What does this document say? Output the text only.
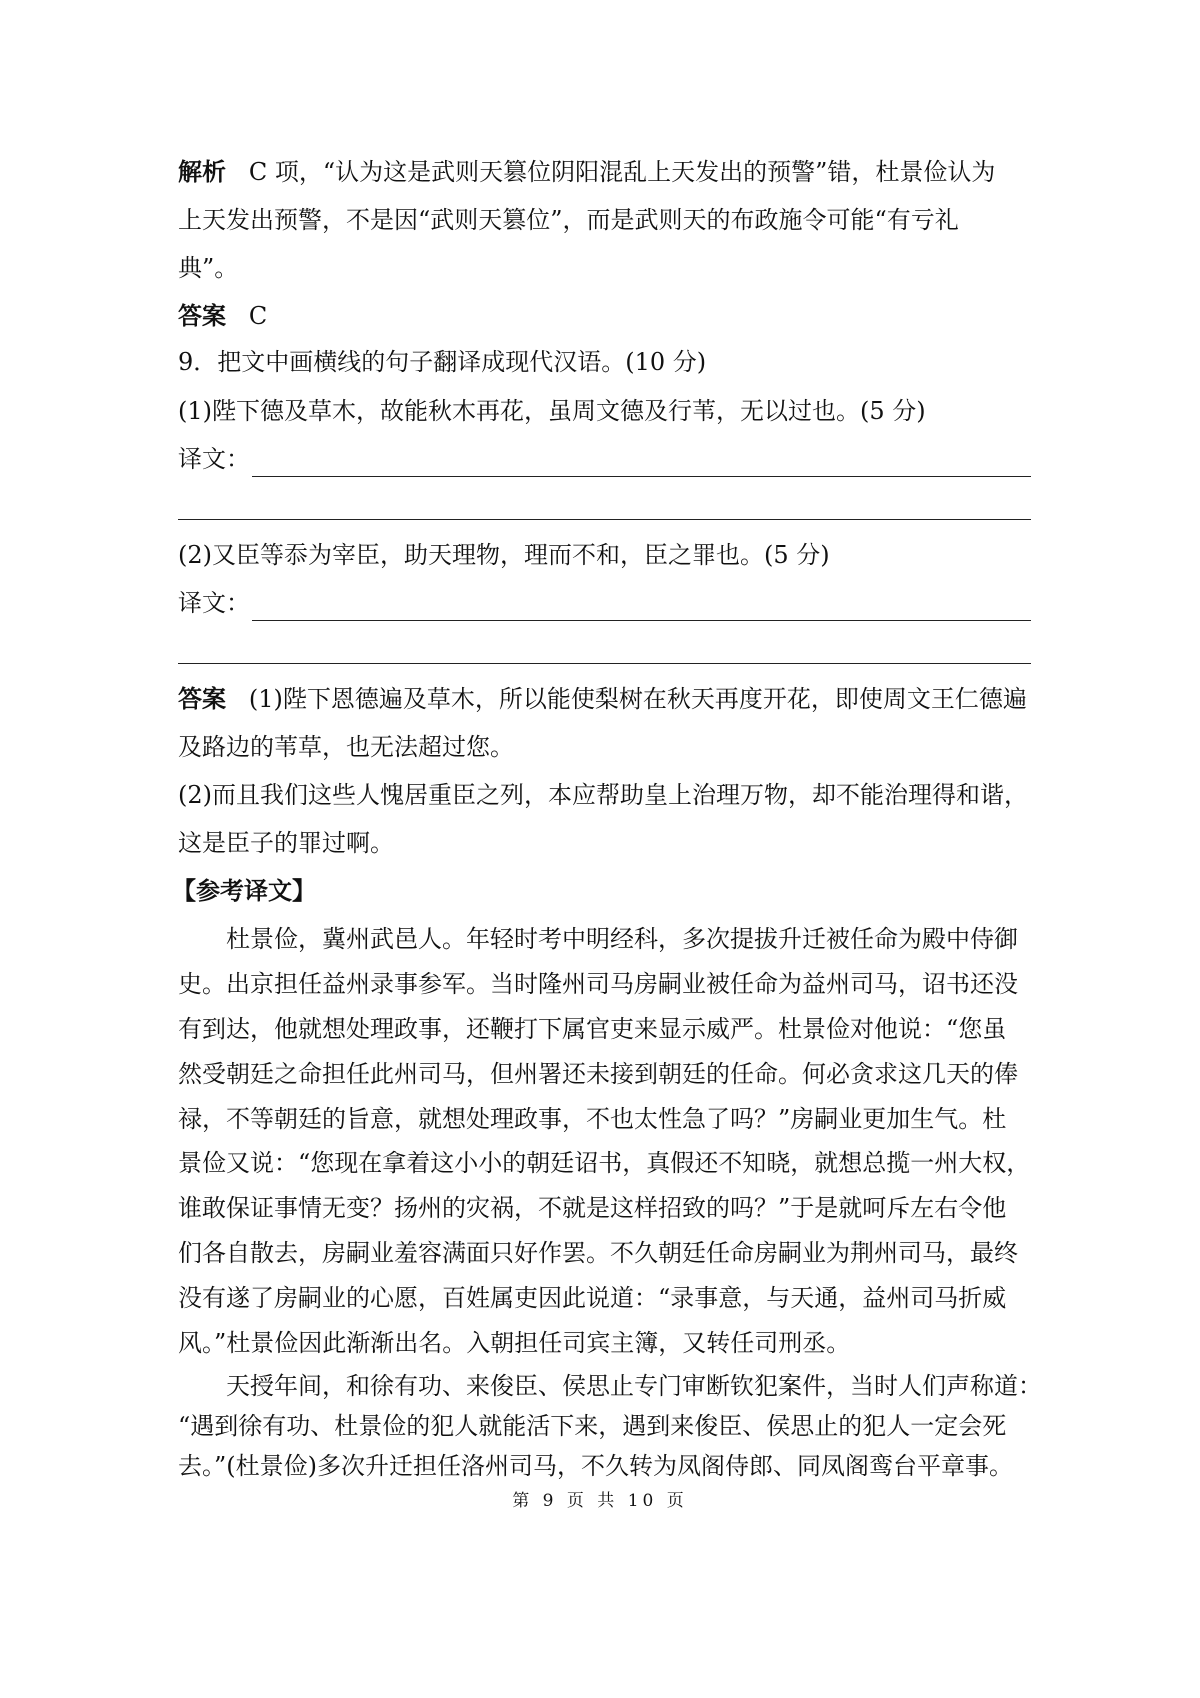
解析 C 项，“认为这是武则天篡位阴阳混乱上天发出的预警”错，杜景俭认为
上天发出预警，不是因“武则天篡位”，而是武则天的布政施令可能“有亏礼
典”。
答案 C
9．把文中画横线的句子翻译成现代汉语。(10 分)
(1)陛下德及草木，故能秋木再花，虽周文德及行苇，无以过也。(5 分)
译文：
(2)又臣等忝为宰臣，助天理物，理而不和，臣之罪也。(5 分)
译文：
答案 (1)陛下恩德遍及草木，所以能使梨树在秋天再度开花，即使周文王仁德遍
及路边的苇草，也无法超过您。
(2)而且我们这些人愧居重臣之列，本应帮助皇上治理万物，却不能治理得和谐，
这是臣子的罪过啊。
【参考译文】
杜景俭，冀州武邑人。年轻时考中明经科，多次提拔升迁被任命为殿中侍御
史。出京担任益州录事参军。当时隆州司马房嗣业被任命为益州司马，诏书还没
有到达，他就想处理政事，还鞭打下属官吏来显示威严。杜景俭对他说：“您虽
然受朝廷之命担任此州司马，但州署还未接到朝廷的任命。何必贪求这几天的俸
禄，不等朝廷的旨意，就想处理政事，不也太性急了吗？”房嗣业更加生气。杜
景俭又说：“您现在拿着这小小的朝廷诏书，真假还不知晓，就想总揽一州大权，
谁敢保证事情无变？扬州的灾祸，不就是这样招致的吗？”于是就呵斥左右令他
们各自散去，房嗣业羞容满面只好作罢。不久朝廷任命房嗣业为荆州司马，最终
没有遂了房嗣业的心愿，百姓属吏因此说道：“录事意，与天通，益州司马折威
风。”杜景俭因此渐渐出名。入朝担任司宾主簿，又转任司刑丞。
天授年间，和徐有功、来俊臣、侯思止专门审断钦犯案件，当时人们声称道：
“遇到徐有功、杜景俭的犯人就能活下来，遇到来俊臣、侯思止的犯人一定会死
去。”(杜景俭)多次升迁担任洛州司马，不久转为凤阁侍郎、同凤阁鸾台平章事。
第 9 页 共 10 页
